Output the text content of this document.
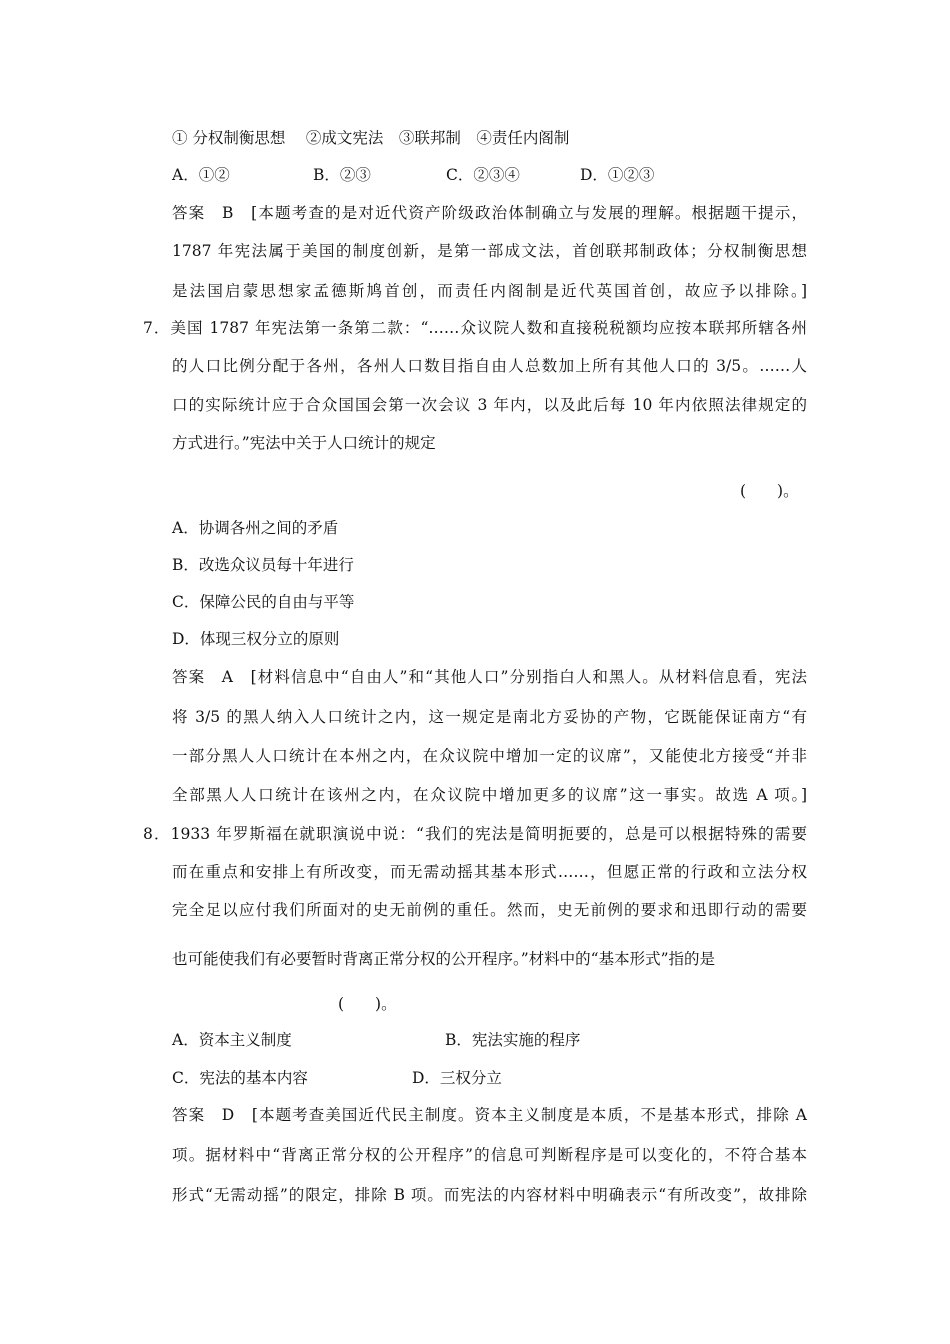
① 分权制衡思想　 ②成文宪法　③联邦制　④责任内阁制
A．①②	B．②③	C．②③④	D．①②③
答案　B　[本题考查的是对近代资产阶级政治体制确立与发展的理解。根据题干提示，
1787 年宪法属于美国的制度创新，是第一部成文法，首创联邦制政体；分权制衡思想
是法国启蒙思想家孟德斯鸠首创，而责任内阁制是近代英国首创，故应予以排除。]
7．美国 1787 年宪法第一条第二款：“……众议院人数和直接税税额均应按本联邦所辖各州
的人口比例分配于各州，各州人口数目指自由人总数加上所有其他人口的 3/5。……人
口的实际统计应于合众国国会第一次会议 3 年内，以及此后每 10 年内依照法律规定的
方式进行。”宪法中关于人口统计的规定
(　　)。
A．协调各州之间的矛盾
B．改选众议员每十年进行
C．保障公民的自由与平等
D．体现三权分立的原则
答案　A　[材料信息中“自由人”和“其他人口”分别指白人和黑人。从材料信息看，宪法
将 3/5 的黑人纳入人口统计之内，这一规定是南北方妥协的产物，它既能保证南方“有
一部分黑人人口统计在本州之内，在众议院中增加一定的议席”，又能使北方接受“并非
全部黑人人口统计在该州之内，在众议院中增加更多的议席”这一事实。故选 A 项。]
8．1933 年罗斯福在就职演说中说：“我们的宪法是简明扼要的，总是可以根据特殊的需要
而在重点和安排上有所改变，而无需动摇其基本形式……，但愿正常的行政和立法分权
完全足以应付我们所面对的史无前例的重任。然而，史无前例的要求和迅即行动的需要
也可能使我们有必要暂时背离正常分权的公开程序。”材料中的“基本形式”指的是
(　　)。
A．资本主义制度	B．宪法实施的程序
C．宪法的基本内容	D．三权分立
答案　D　[本题考查美国近代民主制度。资本主义制度是本质，不是基本形式，排除 A
项。据材料中“背离正常分权的公开程序”的信息可判断程序是可以变化的，不符合基本
形式“无需动摇”的限定，排除 B 项。而宪法的内容材料中明确表示“有所改变”，故排除
